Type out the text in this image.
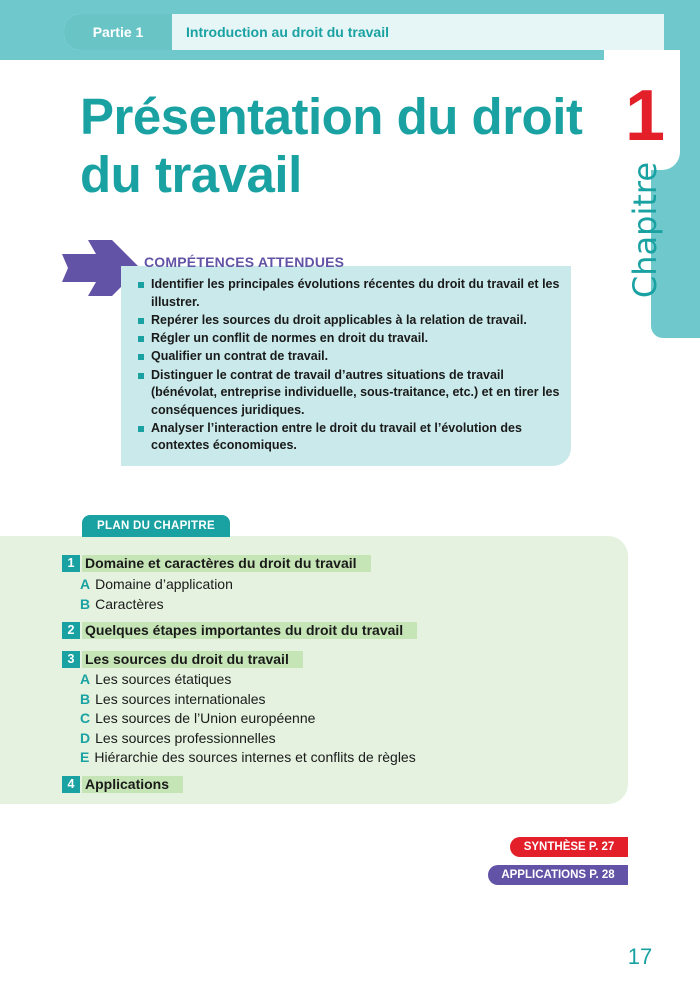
Partie 1	Introduction au droit du travail
1
Chapitre
Présentation du droit
du travail
COMPÉTENCES ATTENDUES
Identifier les principales évolutions récentes du droit du travail et les illustrer.
Repérer les sources du droit applicables à la relation de travail.
Régler un conflit de normes en droit du travail.
Qualifier un contrat de travail.
Distinguer le contrat de travail d’autres situations de travail (bénévolat, entreprise individuelle, sous-traitance, etc.) et en tirer les conséquences juridiques.
Analyser l’interaction entre le droit du travail et l’évolution des contextes économiques.
PLAN DU CHAPITRE
1 Domaine et caractères du droit du travail
A Domaine d’application
B Caractères
2 Quelques étapes importantes du droit du travail
3 Les sources du droit du travail
A Les sources étatiques
B Les sources internationales
C Les sources de l’Union européenne
D Les sources professionnelles
E Hiérarchie des sources internes et conflits de règles
4 Applications
SYNTHÈSE P. 27
APPLICATIONS P. 28
17
